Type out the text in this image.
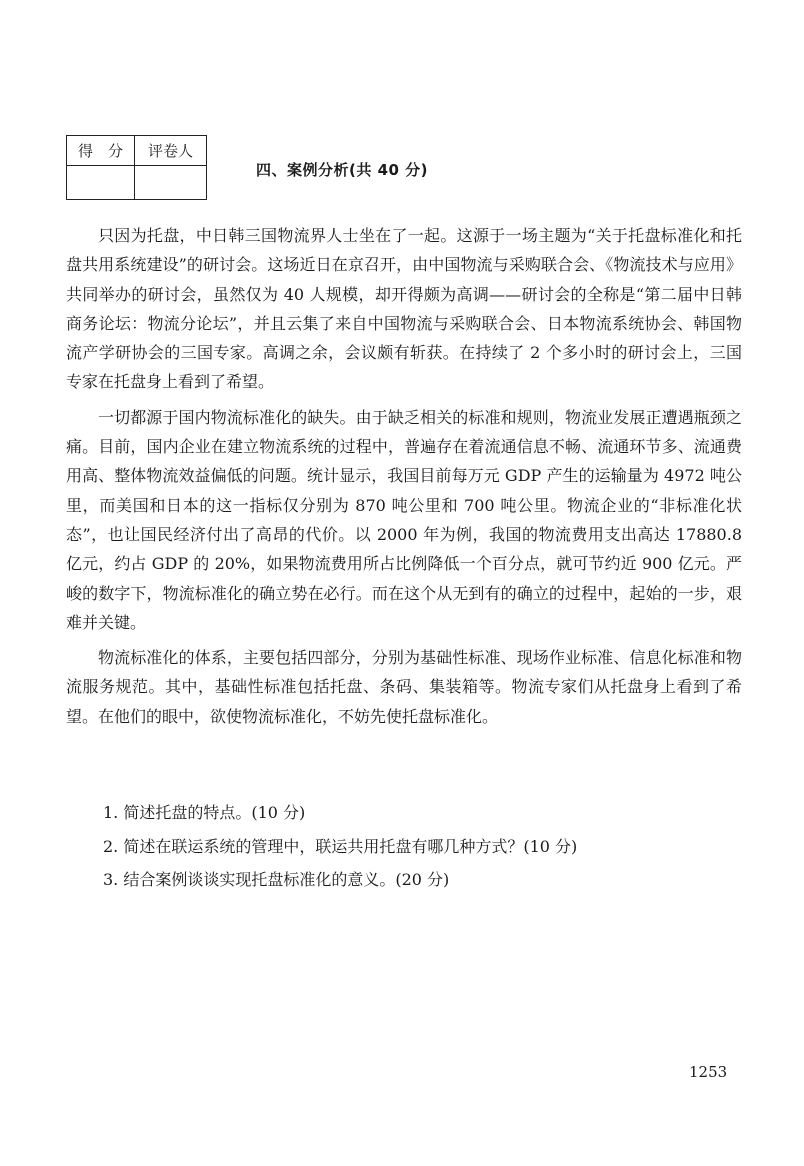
得　分	评卷人

四、案例分析(共 40 分)

只因为托盘，中日韩三国物流界人士坐在了一起。这源于一场主题为“关于托盘标准化和托盘共用系统建设”的研讨会。这场近日在京召开，由中国物流与采购联合会、《物流技术与应用》共同举办的研讨会，虽然仅为 40 人规模，却开得颇为高调——研讨会的全称是“第二届中日韩商务论坛：物流分论坛”，并且云集了来自中国物流与采购联合会、日本物流系统协会、韩国物流产学研协会的三国专家。高调之余，会议颇有斩获。在持续了 2 个多小时的研讨会上，三国专家在托盘身上看到了希望。

一切都源于国内物流标准化的缺失。由于缺乏相关的标准和规则，物流业发展正遭遇瓶颈之痛。目前，国内企业在建立物流系统的过程中，普遍存在着流通信息不畅、流通环节多、流通费用高、整体物流效益偏低的问题。统计显示，我国目前每万元 GDP 产生的运输量为 4972 吨公里，而美国和日本的这一指标仅分别为 870 吨公里和 700 吨公里。物流企业的“非标准化状态”，也让国民经济付出了高昂的代价。以 2000 年为例，我国的物流费用支出高达 17880.8 亿元，约占 GDP 的 20%，如果物流费用所占比例降低一个百分点，就可节约近 900 亿元。严峻的数字下，物流标准化的确立势在必行。而在这个从无到有的确立的过程中，起始的一步，艰难并关键。

物流标准化的体系，主要包括四部分，分别为基础性标准、现场作业标准、信息化标准和物流服务规范。其中，基础性标准包括托盘、条码、集装箱等。物流专家们从托盘身上看到了希望。在他们的眼中，欲使物流标准化，不妨先使托盘标准化。

1. 简述托盘的特点。(10 分)

2. 简述在联运系统的管理中，联运共用托盘有哪几种方式？(10 分)

3. 结合案例谈谈实现托盘标准化的意义。(20 分)

1253
